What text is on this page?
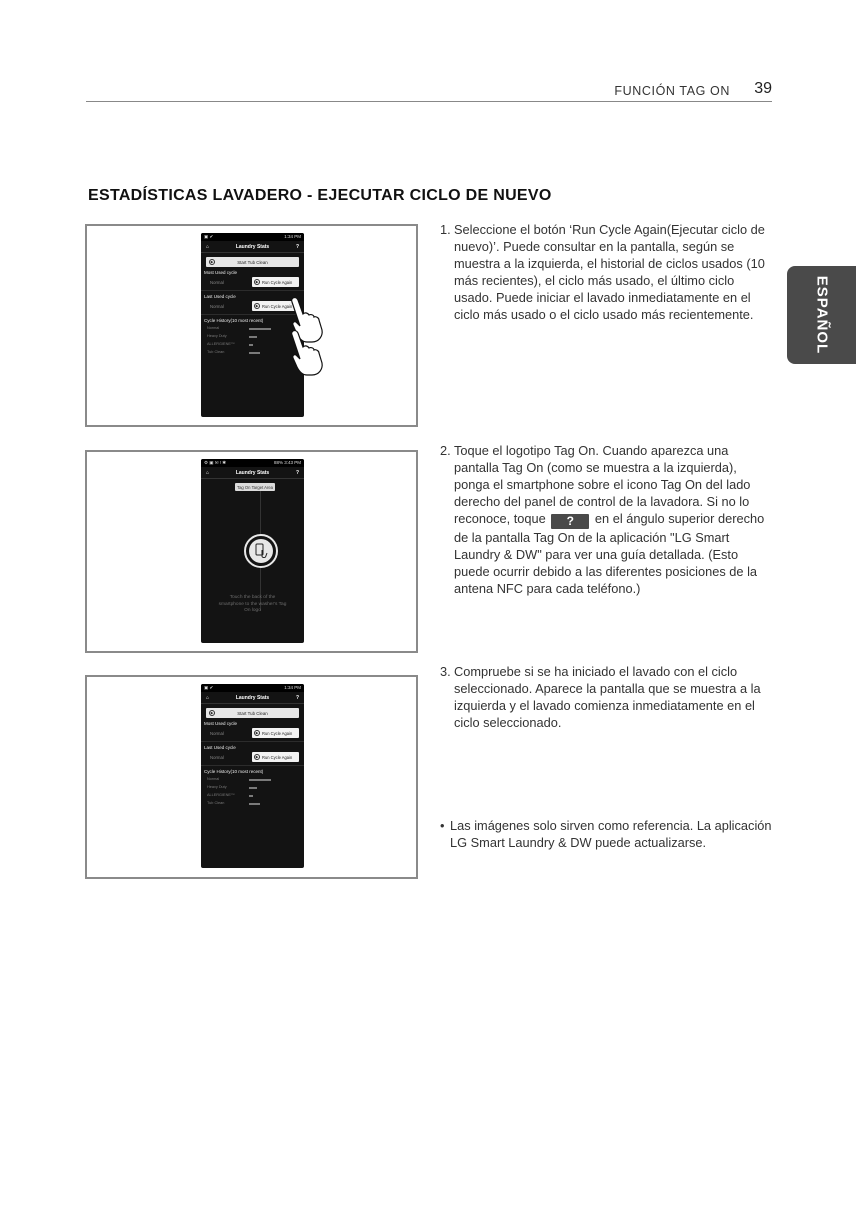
FUNCIÓN TAG ON 39
ESPAÑOL
ESTADÍSTICAS LAVADERO - EJECUTAR CICLO DE NUEVO
▣ ✔	1:34 PM
⌂	Laundry Stats	?
▶	Start Tub Clean
Most Used cycle
Normal	▶ Run Cycle Again
Last Used cycle
Normal	▶ Run Cycle Again
Cycle History(10 most recent)
Normal
Heavy Duty
ALLERGIENE™
Tub Clean
⚙ ▣ ✉ ! ✱	88% 3:43 PM
⌂	Laundry Stats	?
Tag On Target Area
Touch the back of the smartphone to the washer's Tag On logo
▣ ✔	1:34 PM
⌂	Laundry Stats	?
▶	Start Tub Clean
Most Used cycle
Normal	▶ Run Cycle Again
Last Used cycle
Normal	▶ Run Cycle Again
Cycle History(10 most recent)
Normal
Heavy Duty
ALLERGIENE™
Tub Clean
1. Seleccione el botón ‘Run Cycle Again(Ejecutar ciclo de nuevo)’. Puede consultar en la pantalla, según se muestra a la izquierda, el historial de ciclos usados (10 más recientes), el ciclo más usado, el último ciclo usado. Puede iniciar el lavado inmediatamente en el ciclo más usado o el ciclo usado más recientemente.
2. Toque el logotipo Tag On. Cuando aparezca una pantalla Tag On (como se muestra a la izquierda), ponga el smartphone sobre el icono Tag On del lado derecho del panel de control de la lavadora. Si no lo reconoce, toque ? en el ángulo superior derecho de la pantalla Tag On de la aplicación "LG Smart Laundry & DW" para ver una guía detallada. (Esto puede ocurrir debido a las diferentes posiciones de la antena NFC para cada teléfono.)
3. Compruebe si se ha iniciado el lavado con el ciclo seleccionado. Aparece la pantalla que se muestra a la izquierda y el lavado comienza inmediatamente en el ciclo seleccionado.
• Las imágenes solo sirven como referencia. La aplicación LG Smart Laundry & DW puede actualizarse.
